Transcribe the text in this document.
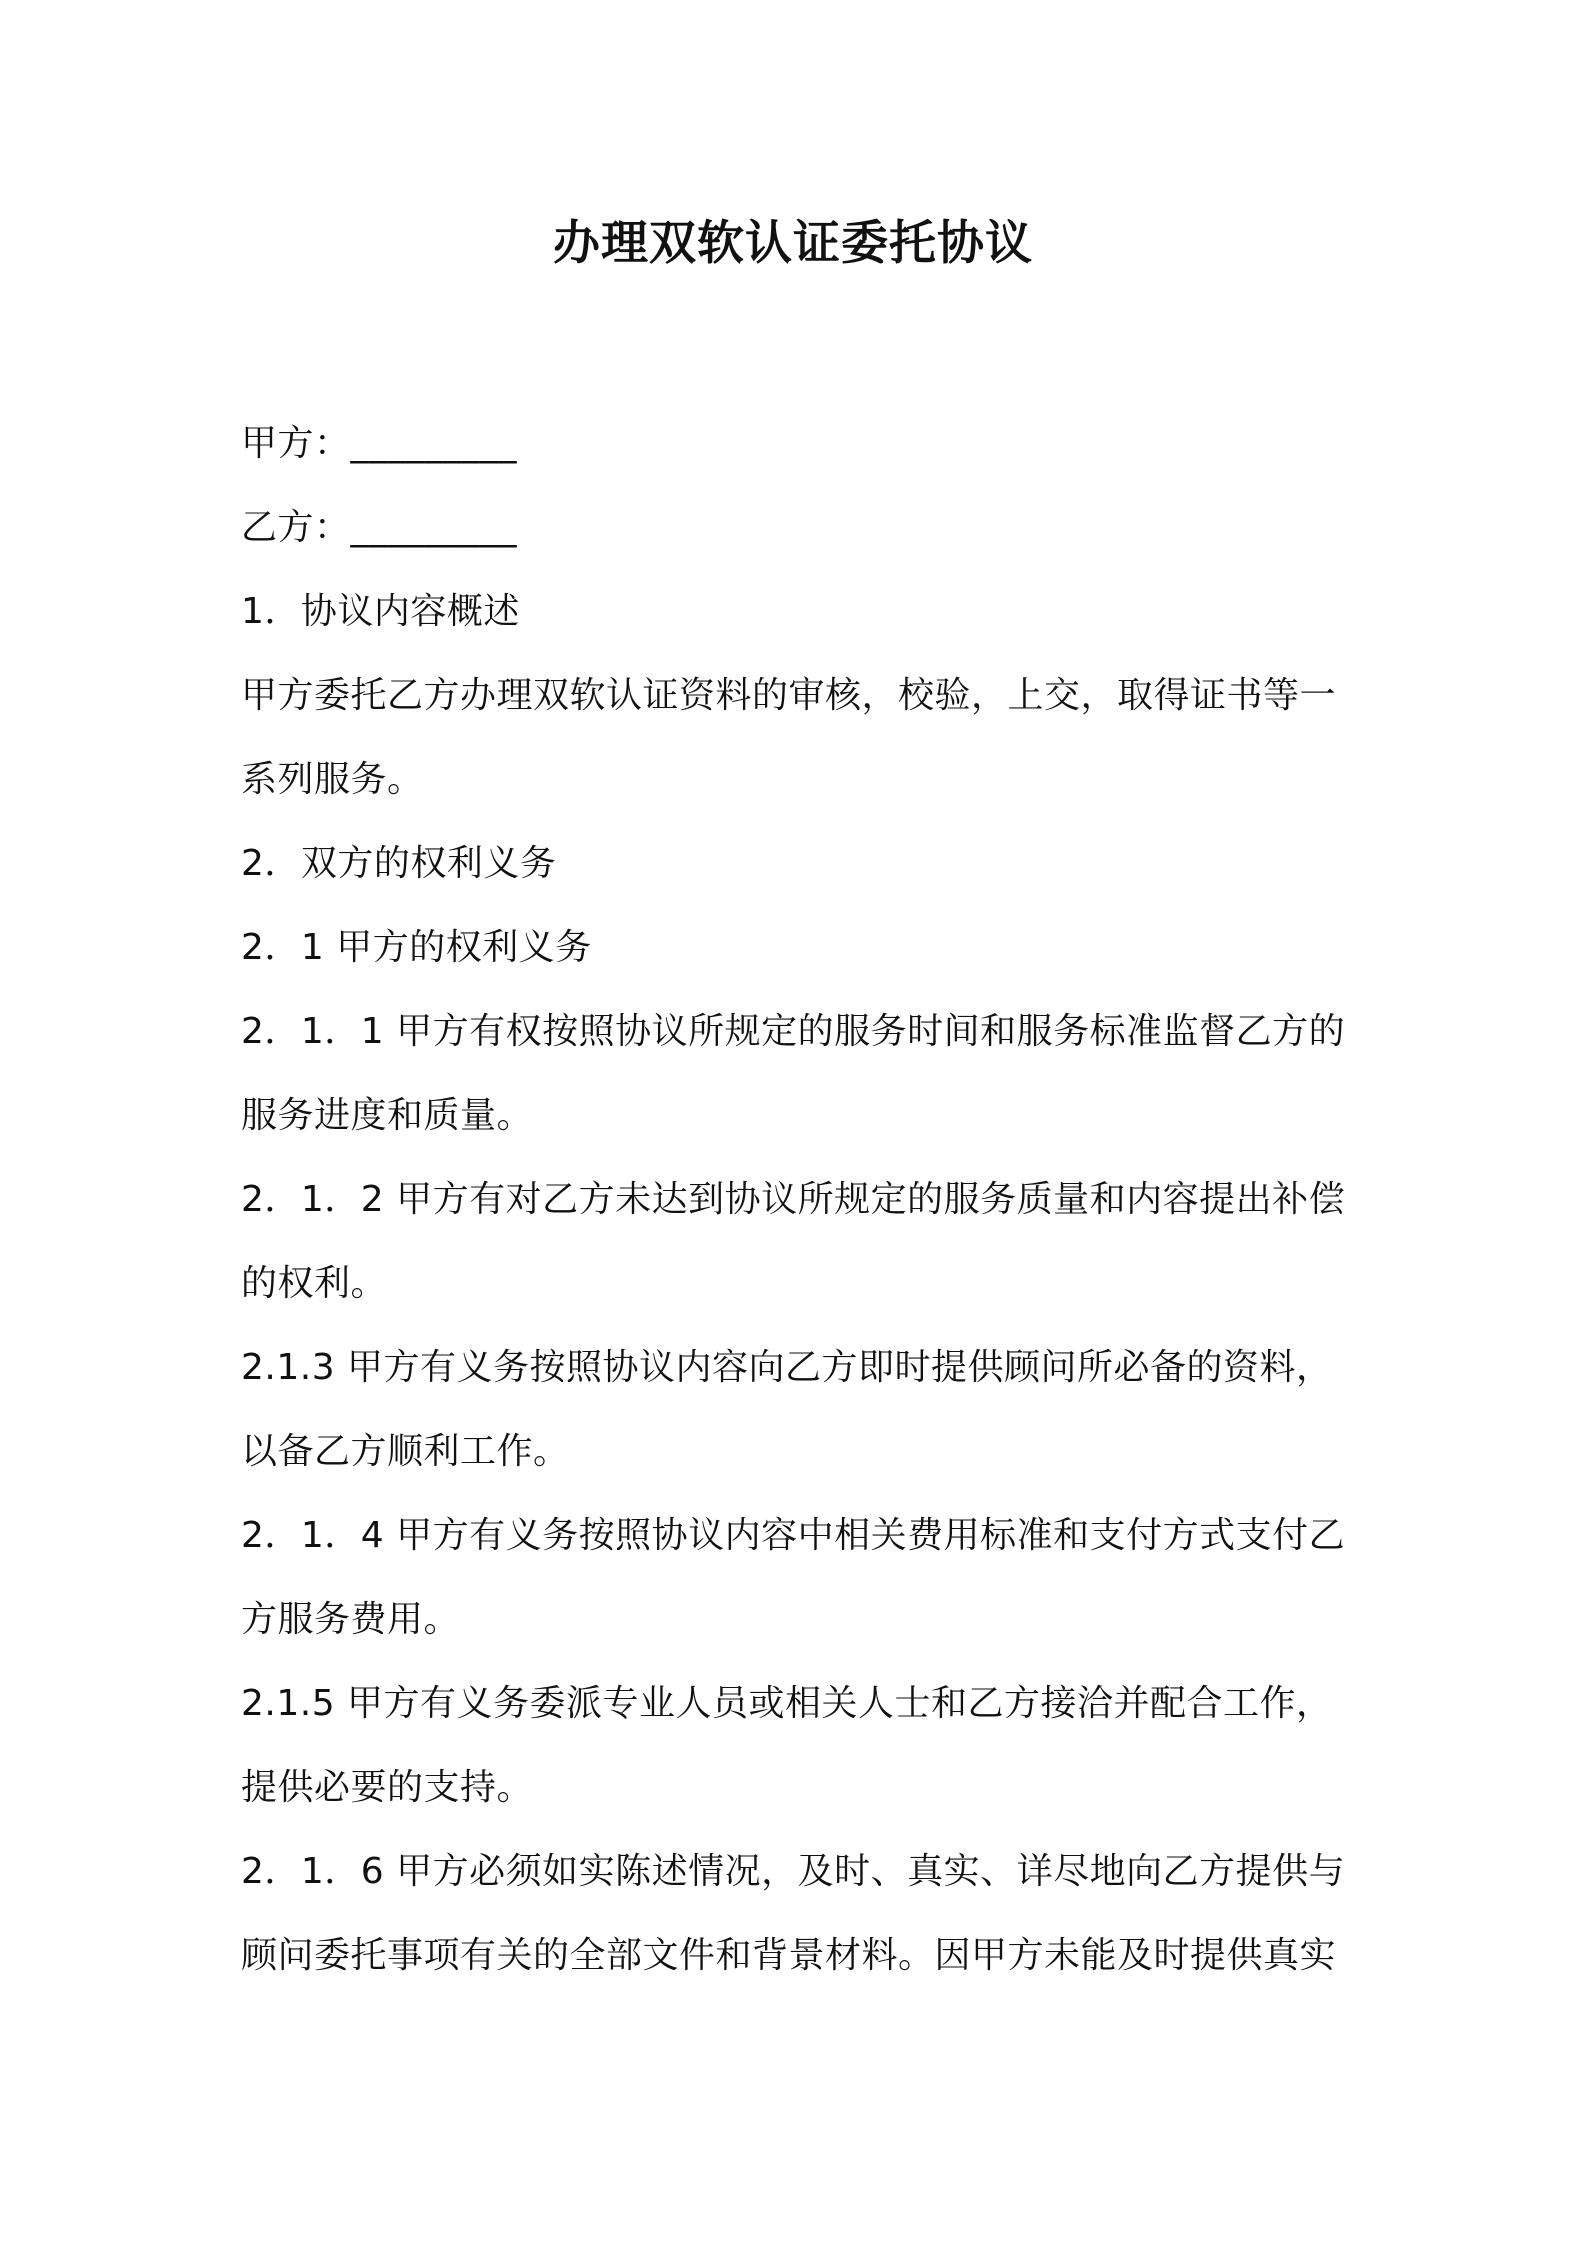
办理双软认证委托协议
甲方：_________
乙方：_________
1．协议内容概述
甲方委托乙方办理双软认证资料的审核，校验，上交，取得证书等一
系列服务。
2．双方的权利义务
2．1 甲方的权利义务
2．1．1 甲方有权按照协议所规定的服务时间和服务标准监督乙方的
服务进度和质量。
2．1．2 甲方有对乙方未达到协议所规定的服务质量和内容提出补偿
的权利。
2.1.3 甲方有义务按照协议内容向乙方即时提供顾问所必备的资料，
以备乙方顺利工作。
2．1．4 甲方有义务按照协议内容中相关费用标准和支付方式支付乙
方服务费用。
2.1.5 甲方有义务委派专业人员或相关人士和乙方接洽并配合工作，
提供必要的支持。
2．1．6 甲方必须如实陈述情况，及时、真实、详尽地向乙方提供与
顾问委托事项有关的全部文件和背景材料。因甲方未能及时提供真实
